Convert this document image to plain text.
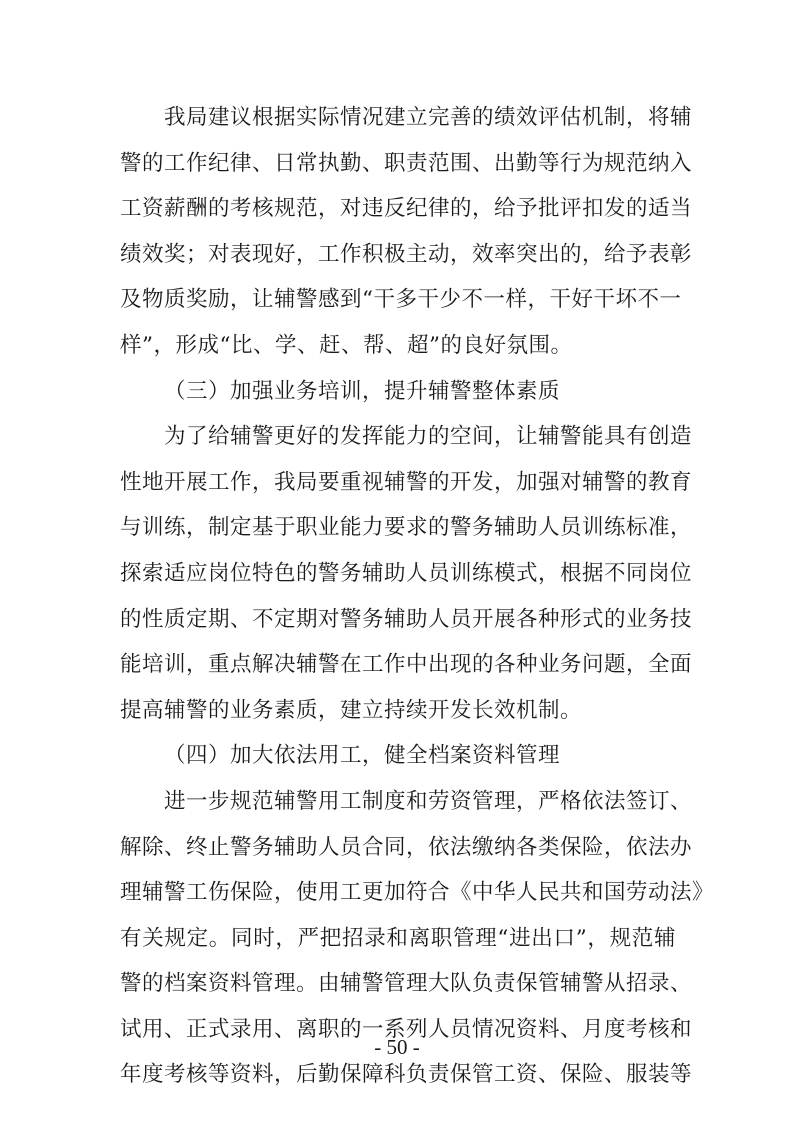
我局建议根据实际情况建立完善的绩效评估机制，将辅
警的工作纪律、日常执勤、职责范围、出勤等行为规范纳入
工资薪酬的考核规范，对违反纪律的，给予批评扣发的适当
绩效奖；对表现好，工作积极主动，效率突出的，给予表彰
及物质奖励，让辅警感到“干多干少不一样，干好干坏不一
样”，形成“比、学、赶、帮、超”的良好氛围。
（三）加强业务培训，提升辅警整体素质
为了给辅警更好的发挥能力的空间，让辅警能具有创造
性地开展工作，我局要重视辅警的开发，加强对辅警的教育
与训练，制定基于职业能力要求的警务辅助人员训练标准，
探索适应岗位特色的警务辅助人员训练模式，根据不同岗位
的性质定期、不定期对警务辅助人员开展各种形式的业务技
能培训，重点解决辅警在工作中出现的各种业务问题，全面
提高辅警的业务素质，建立持续开发长效机制。
（四）加大依法用工，健全档案资料管理
进一步规范辅警用工制度和劳资管理，严格依法签订、
解除、终止警务辅助人员合同，依法缴纳各类保险，依法办
理辅警工伤保险，使用工更加符合《中华人民共和国劳动法》
有关规定。同时，严把招录和离职管理“进出口”，规范辅
警的档案资料管理。由辅警管理大队负责保管辅警从招录、
试用、正式录用、离职的一系列人员情况资料、月度考核和
年度考核等资料，后勤保障科负责保管工资、保险、服装等
- 50 -
